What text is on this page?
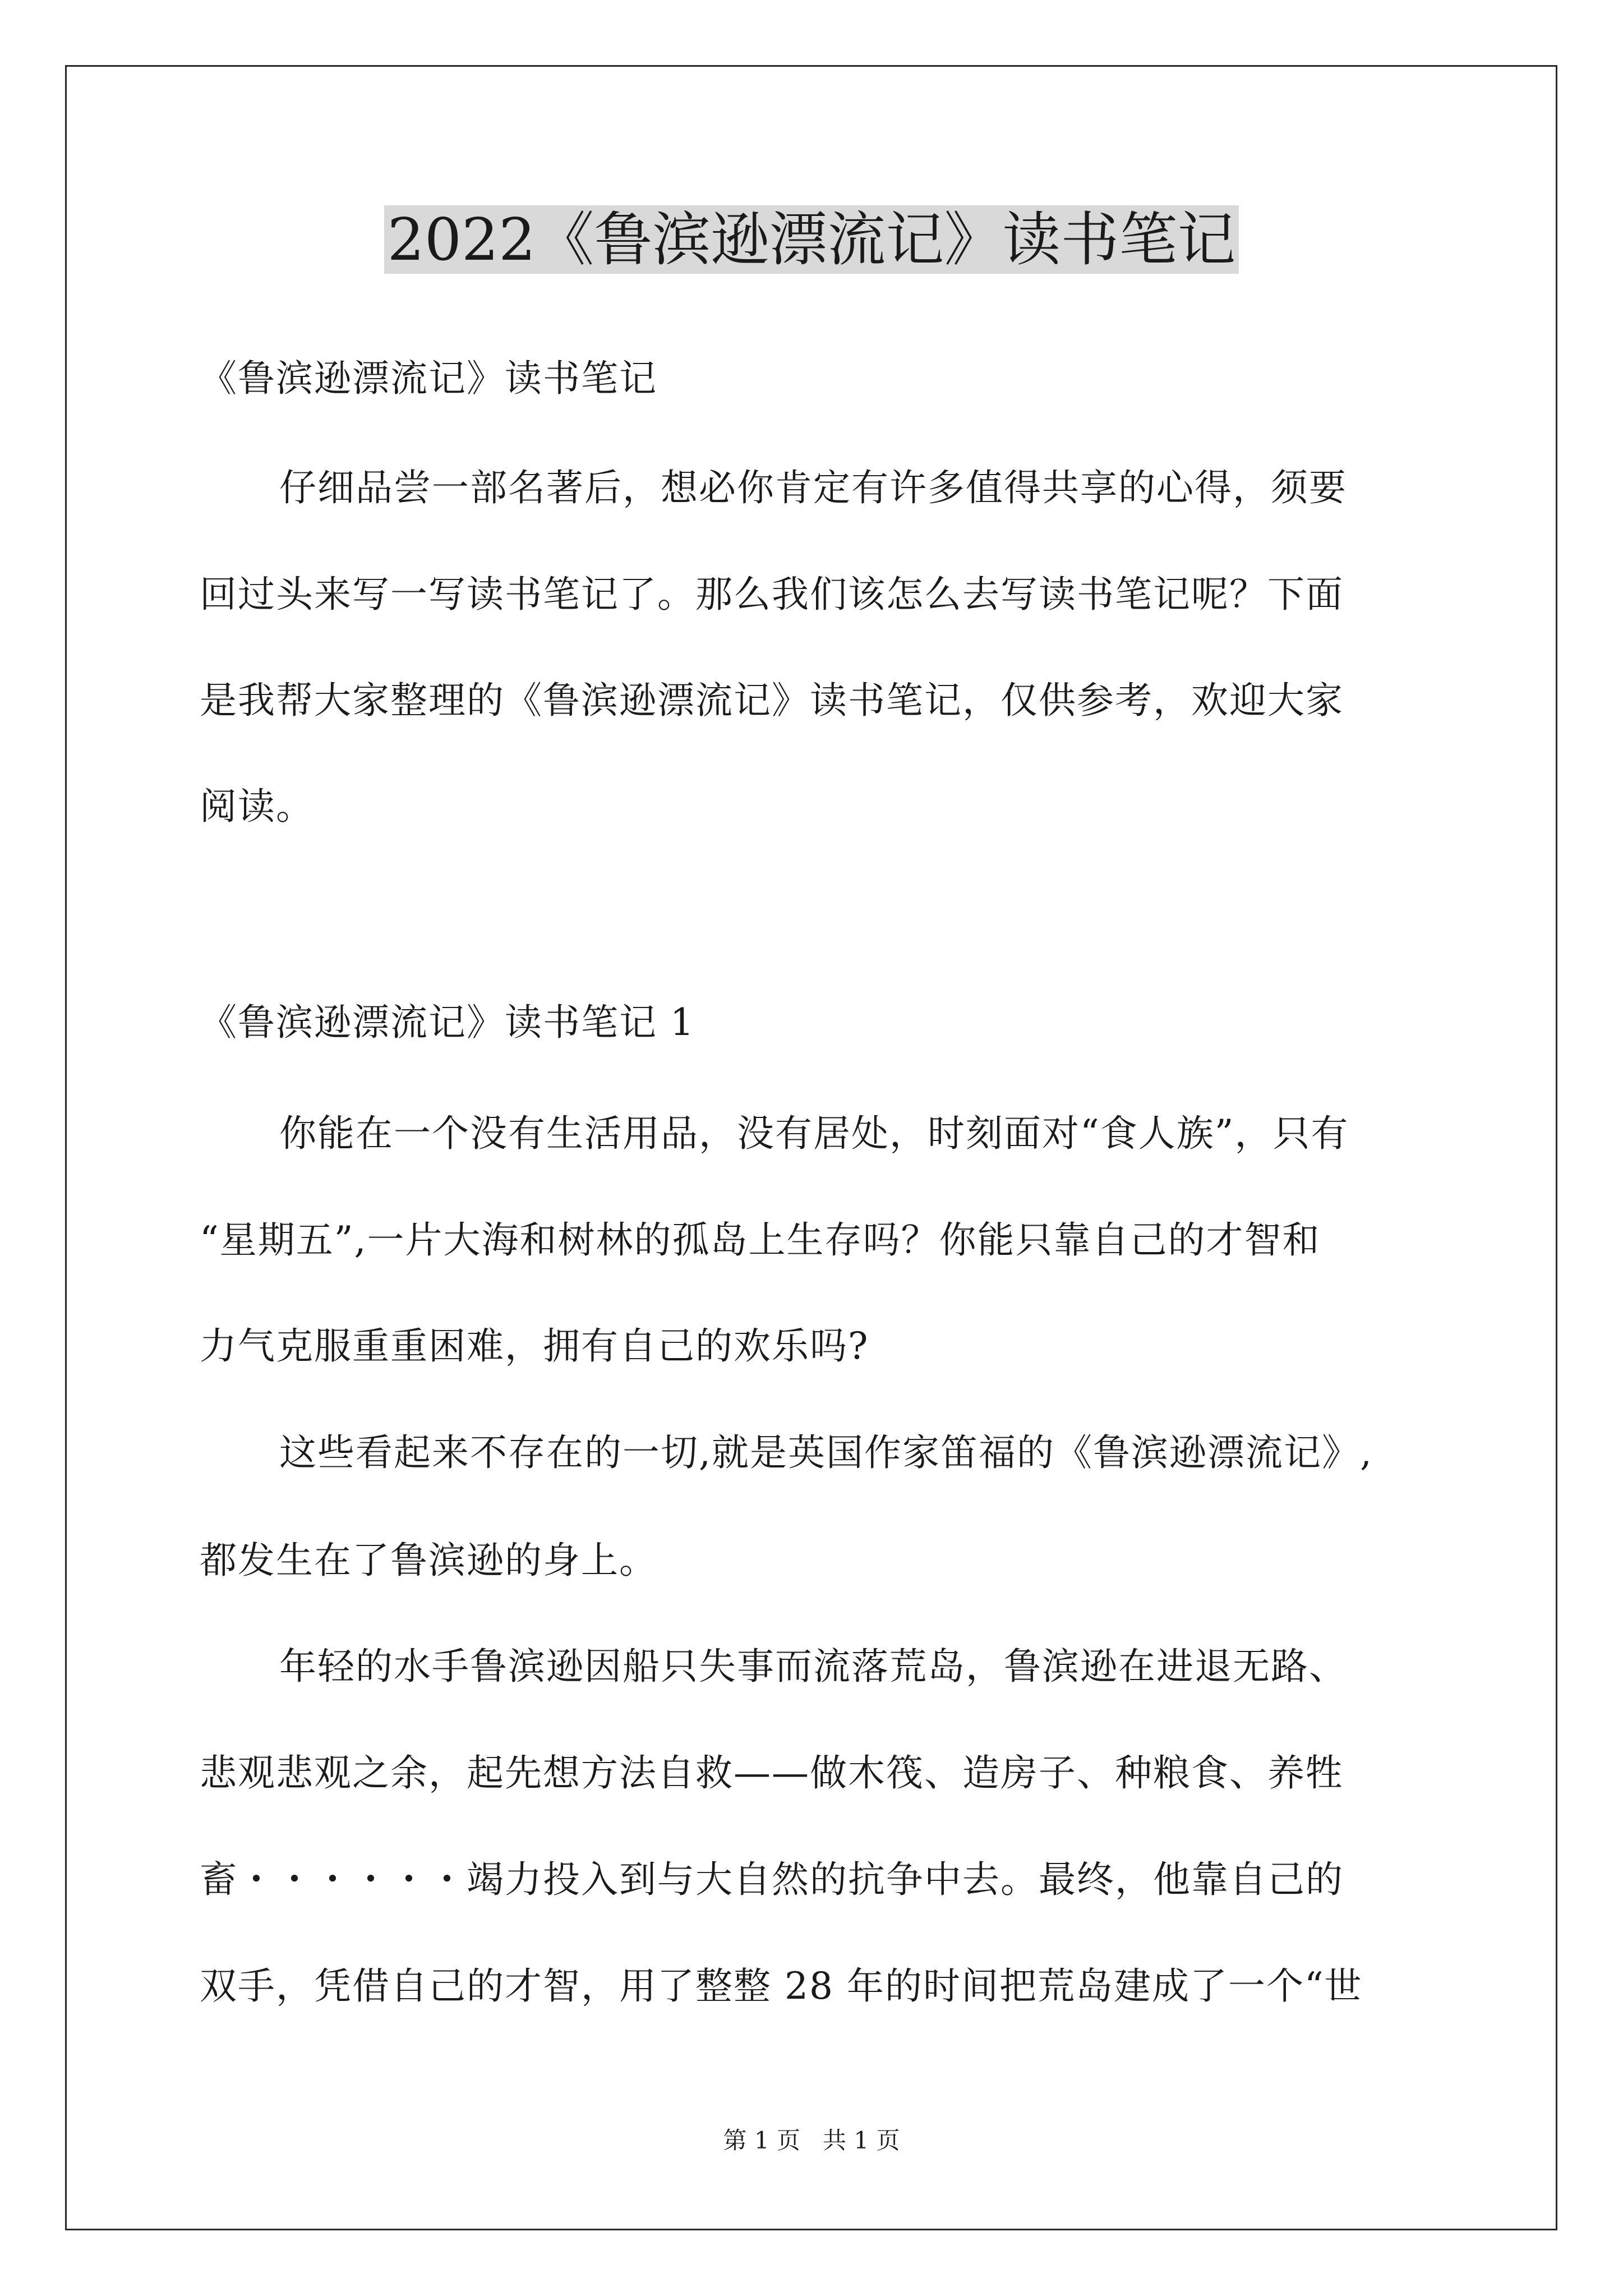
2022《鲁滨逊漂流记》读书笔记
《鲁滨逊漂流记》读书笔记
仔细品尝一部名著后，想必你肯定有许多值得共享的心得，须要
回过头来写一写读书笔记了。那么我们该怎么去写读书笔记呢？下面
是我帮大家整理的《鲁滨逊漂流记》读书笔记，仅供参考，欢迎大家
阅读。
《鲁滨逊漂流记》读书笔记 1
你能在一个没有生活用品，没有居处，时刻面对“食人族”，只有
“星期五”,一片大海和树林的孤岛上生存吗？你能只靠自己的才智和
力气克服重重困难，拥有自己的欢乐吗?
这些看起来不存在的一切,就是英国作家笛福的《鲁滨逊漂流记》,
都发生在了鲁滨逊的身上。
年轻的水手鲁滨逊因船只失事而流落荒岛，鲁滨逊在进退无路、
悲观悲观之余，起先想方法自救——做木筏、造房子、种粮食、养牲
畜・・・・・・竭力投入到与大自然的抗争中去。最终，他靠自己的
双手，凭借自己的才智，用了整整 28 年的时间把荒岛建成了一个“世
第 1 页   共 1 页
